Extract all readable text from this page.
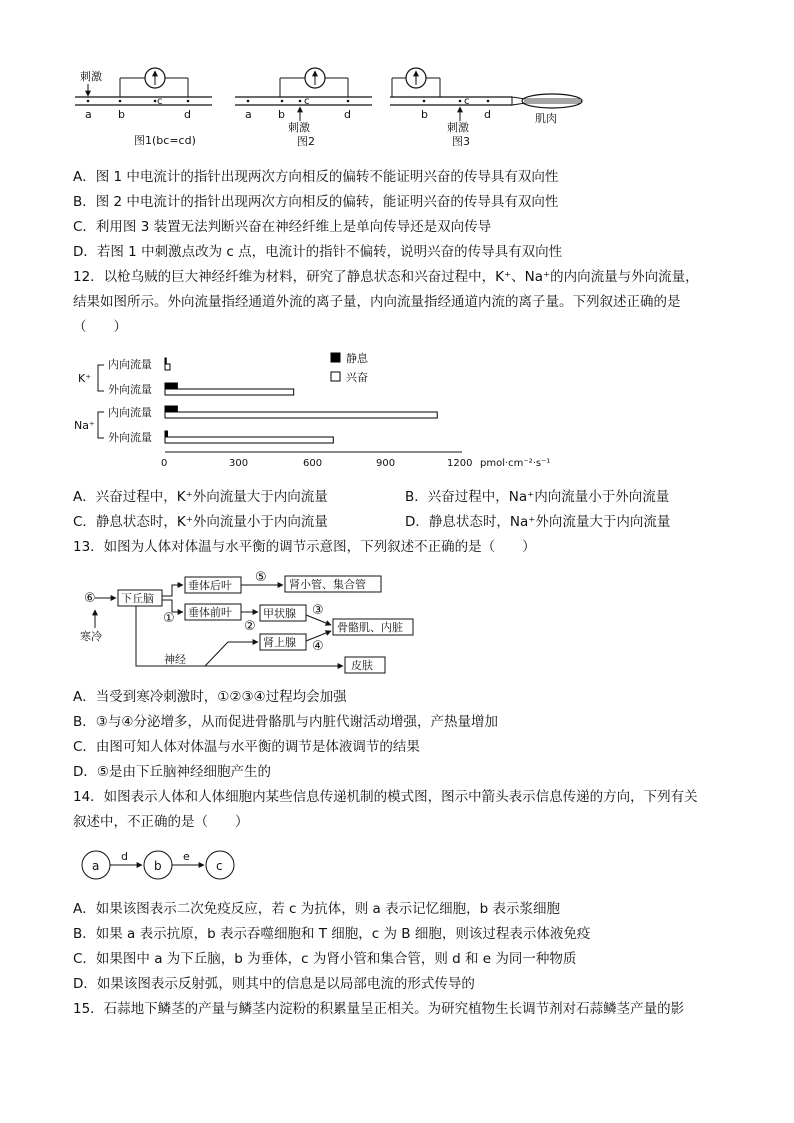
刺激
a b
c
d
图1(bc=cd)
a b
c
d
刺激
图2
b
c
d
刺激
图3
肌肉
A．图 1 中电流计的指针出现两次方向相反的偏转不能证明兴奋的传导具有双向性
B．图 2 中电流计的指针出现两次方向相反的偏转，能证明兴奋的传导具有双向性
C．利用图 3 装置无法判断兴奋在神经纤维上是单向传导还是双向传导
D．若图 1 中刺激点改为 c 点，电流计的指针不偏转，说明兴奋的传导具有双向性
12．以枪乌贼的巨大神经纤维为材料，研究了静息状态和兴奋过程中，K⁺、Na⁺的内向流量与外向流量，
结果如图所示。外向流量指经通道外流的离子量，内向流量指经通道内流的离子量。下列叙述正确的是
（　　）
K⁺
Na⁺
内向流量
外向流量
内向流量
外向流量
0	300	600	900	1200 pmol·cm⁻²·s⁻¹
静息
兴奋
A．兴奋过程中，K⁺外向流量大于内向流量	B．兴奋过程中，Na⁺内向流量小于外向流量
C．静息状态时，K⁺外向流量小于内向流量	D．静息状态时，Na⁺外向流量大于内向流量
13．如图为人体对体温与水平衡的调节示意图，下列叙述不正确的是（　　）
下丘脑
垂体后叶
垂体前叶
肾小管、集合管
甲状腺
骨骼肌、内脏
肾上腺
皮肤
寒冷
神经
⑥
⑤
①
②
③
④
A．当受到寒冷刺激时，①②③④过程均会加强
B．③与④分泌增多，从而促进骨骼肌与内脏代谢活动增强，产热量增加
C．由图可知人体对体温与水平衡的调节是体液调节的结果
D．⑤是由下丘脑神经细胞产生的
14．如图表示人体和人体细胞内某些信息传递机制的模式图，图示中箭头表示信息传递的方向，下列有关
叙述中，不正确的是（　　）
a	b	c
d	e
A．如果该图表示二次免疫反应，若 c 为抗体，则 a 表示记忆细胞，b 表示浆细胞
B．如果 a 表示抗原，b 表示吞噬细胞和 T 细胞，c 为 B 细胞，则该过程表示体液免疫
C．如果图中 a 为下丘脑，b 为垂体，c 为肾小管和集合管，则 d 和 e 为同一种物质
D．如果该图表示反射弧，则其中的信息是以局部电流的形式传导的
15．石蒜地下鳞茎的产量与鳞茎内淀粉的积累量呈正相关。为研究植物生长调节剂对石蒜鳞茎产量的影
